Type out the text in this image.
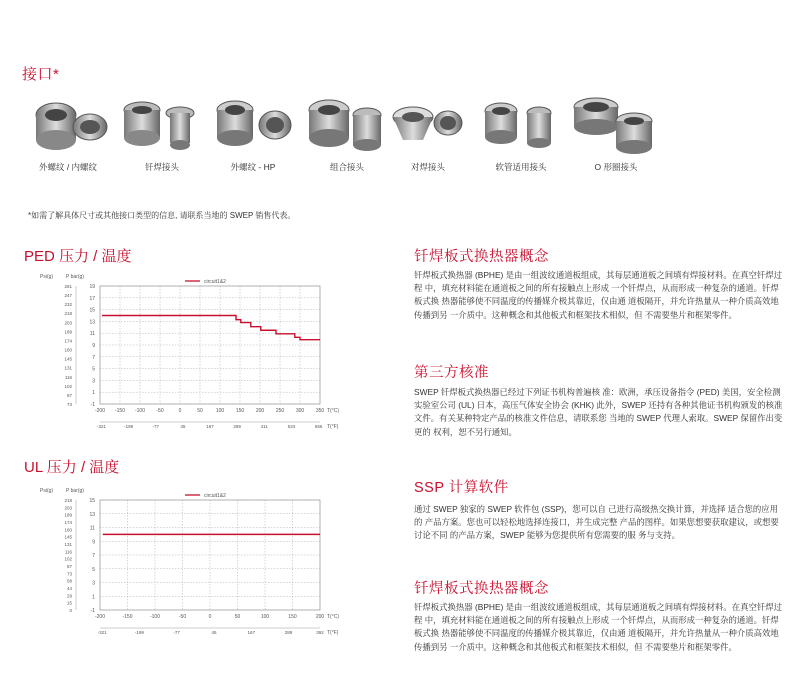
接口*
外螺纹 / 内螺纹	钎焊接头	外螺纹 - HP	组合接头	对焊接头	软管适用接头	O 形圈接头
*如需了解具体尺寸或其他接口类型的信息, 请联系当地的 SWEP 销售代表。
PED 压力 / 温度
Psi(g)	P bar(g)
circuit1&2
19
17
15
13
11
9
7
5
3
1
-1
261
247
232
218
203
189
174
160
145
131
116
102
87
73
-200 -150 -100 -50	0	50	100 150 200 250 300 350 T(°C)
-321	-199	-77	45	167	289	411	533	656 T(°F)
UL 压力 / 温度
Psi(g)	P bar(g)
circuit1&2
15
13
11
9
7
5
3
1
-1
218
203
189
174
160
145
131
116
102
87
73
58
44
29
15
0
-200	-150	-100	-50	0	50	100	150	200 T(°C)
-321	-199	-77	45	167	289	392 T(°F)
钎焊板式换热器概念
钎焊板式换热器 (BPHE) 是由一组波纹通道板组成，其每层通道板之间填有焊接材料。在真空钎焊过程 中，填充材料能在通道板之间的所有接触点上形成 一个钎焊点，从而形成一种复杂的通道。钎焊板式换 热器能够使不同温度的传播媒介极其靠近，仅由通 道板隔开，并允许热量从一种介质高效地传播到另 一介质中。这种概念和其他板式和框架技术相似，但 不需要垫片和框架零件。
第三方核准
SWEP 钎焊板式换热器已经过下列证书机构普遍核 准：欧洲，承压设备指令 (PED) 美国，安全检测实验室公司 (UL) 日本，高压气体安全协会 (KHK) 此外，SWEP 还持有各种其他证书机构颁发的核准 文件。有关某种特定产品的核准文件信息，请联系您 当地的 SWEP 代理人索取。SWEP 保留作出变更的 权利，恕不另行通知。
SSP 计算软件
通过 SWEP 独家的 SWEP 软件包 (SSP)，您可以自 己进行高级热交换计算，并选择 适合您的应用的 产品方案。您也可以轻松地选择连接口，并生成完整 产品的图样。如果您想要获取建议，或想要讨论不同 的产品方案，SWEP 能够为您提供所有您需要的服 务与支持。
钎焊板式换热器概念
钎焊板式换热器 (BPHE) 是由一组波纹通道板组成，其每层通道板之间填有焊接材料。在真空钎焊过程 中，填充材料能在通道板之间的所有接触点上形成 一个钎焊点，从而形成一种复杂的通道。钎焊板式换 热器能够使不同温度的传播媒介极其靠近，仅由通 道板隔开，并允许热量从一种介质高效地传播到另 一介质中。这种概念和其他板式和框架技术相似，但 不需要垫片和框架零件。
